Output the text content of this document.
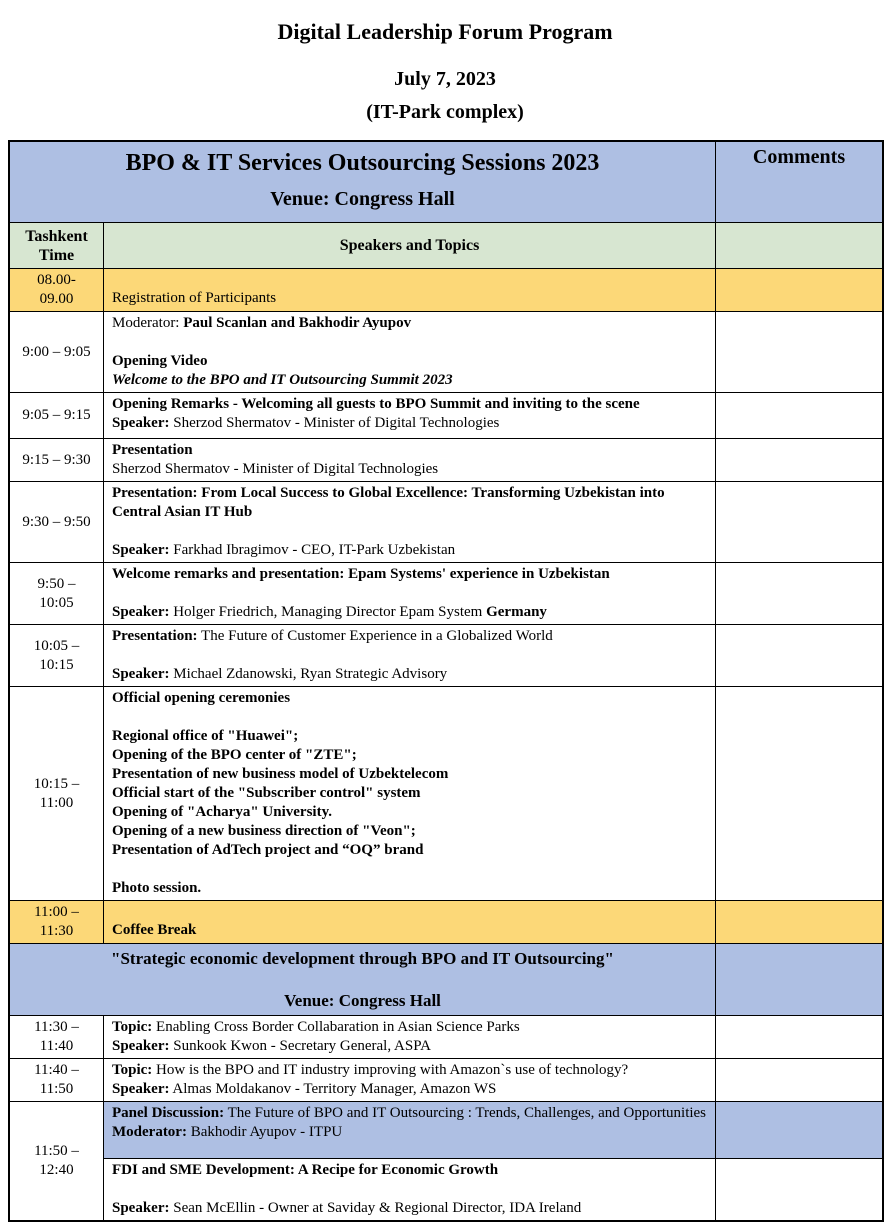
Digital Leadership Forum Program
July 7, 2023
(IT-Park complex)
BPO & IT Services Outsourcing Sessions 2023
Venue: Congress Hall
Comments
Tashkent Time
Speakers and Topics
08.00-
09.00	Registration of Participants
9:00 – 9:05
Moderator: Paul Scanlan and Bakhodir Ayupov

Opening Video
Welcome to the BPO and IT Outsourcing Summit 2023
9:05 – 9:15
Opening Remarks - Welcoming all guests to BPO Summit and inviting to the scene
Speaker: Sherzod Shermatov - Minister of Digital Technologies
9:15 – 9:30
Presentation
Sherzod Shermatov - Minister of Digital Technologies
9:30 – 9:50
Presentation: From Local Success to Global Excellence: Transforming Uzbekistan into Central Asian IT Hub

Speaker: Farkhad Ibragimov - CEO, IT-Park Uzbekistan
9:50 –
10:05
Welcome remarks and presentation: Epam Systems' experience in Uzbekistan

Speaker: Holger Friedrich, Managing Director Epam System Germany
10:05 –
10:15
Presentation: The Future of Customer Experience in a Globalized World

Speaker: Michael Zdanowski, Ryan Strategic Advisory
10:15 –
11:00
Official opening ceremonies

Regional office of "Huawei";
Opening of the BPO center of "ZTE";
Presentation of new business model of Uzbektelecom
Official start of the "Subscriber control" system
Opening of "Acharya" University.
Opening of a new business direction of "Veon";
Presentation of AdTech project and “OQ” brand

Photo session.
11:00 –
11:30	Coffee Break
"Strategic economic development through BPO and IT Outsourcing"

Venue: Congress Hall
11:30 –
11:40
Topic: Enabling Cross Border Collabaration in Asian Science Parks
Speaker: Sunkook Kwon - Secretary General, ASPA
11:40 –
11:50
Topic: How is the BPO and IT industry improving with Amazon`s use of technology?
Speaker: Almas Moldakanov - Territory Manager, Amazon WS
11:50 –
12:40
Panel Discussion: The Future of BPO and IT Outsourcing : Trends, Challenges, and Opportunities
Moderator: Bakhodir Ayupov - ITPU
FDI and SME Development: A Recipe for Economic Growth

Speaker: Sean McEllin - Owner at Saviday & Regional Director, IDA Ireland
